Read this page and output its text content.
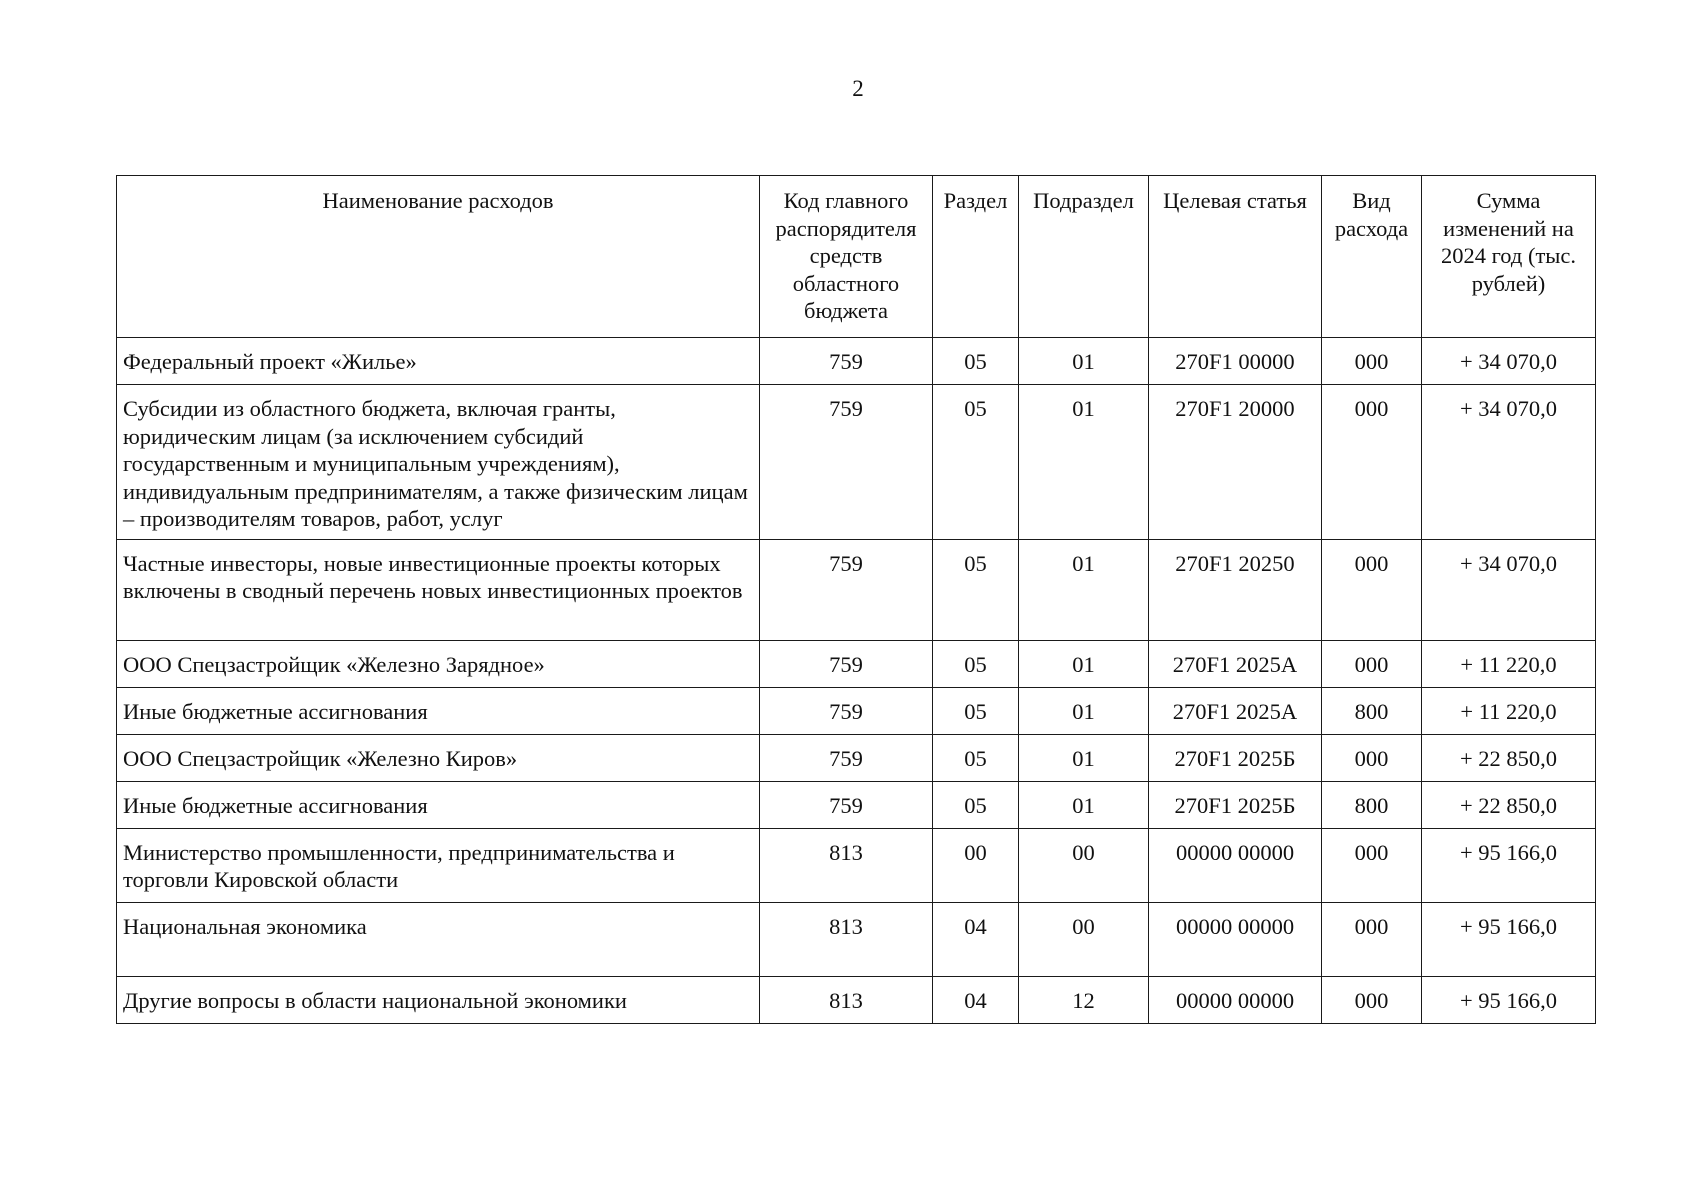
2
Наименование расходов	Код главного распорядителя средств областного бюджета	Раздел	Подраздел	Целевая статья	Вид расхода	Сумма изменений на 2024 год (тыс. рублей)
Федеральный проект «Жилье»	759	05	01	270F1 00000	000	+ 34 070,0
Субсидии из областного бюджета, включая гранты, юридическим лицам (за исключением субсидий государственным и муниципальным учреждениям), индивидуальным предпринимателям, а также физическим лицам – производителям товаров, работ, услуг	759	05	01	270F1 20000	000	+ 34 070,0
Частные инвесторы, новые инвестиционные проекты которых включены в сводный перечень новых инвестиционных проектов	759	05	01	270F1 20250	000	+ 34 070,0
ООО Спецзастройщик «Железно Зарядное»	759	05	01	270F1 2025А	000	+ 11 220,0
Иные бюджетные ассигнования	759	05	01	270F1 2025А	800	+ 11 220,0
ООО Спецзастройщик «Железно Киров»	759	05	01	270F1 2025Б	000	+ 22 850,0
Иные бюджетные ассигнования	759	05	01	270F1 2025Б	800	+ 22 850,0
Министерство промышленности, предпринимательства и торговли Кировской области	813	00	00	00000 00000	000	+ 95 166,0
Национальная экономика	813	04	00	00000 00000	000	+ 95 166,0
Другие вопросы в области национальной экономики	813	04	12	00000 00000	000	+ 95 166,0
